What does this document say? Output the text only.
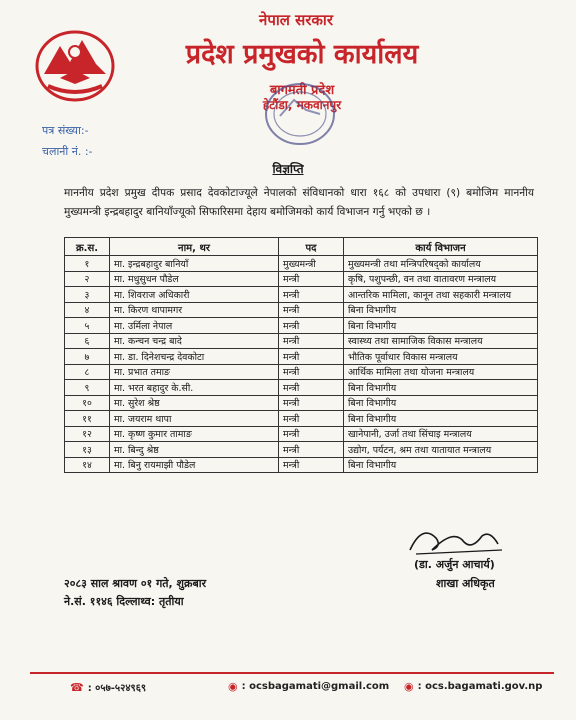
नेपाल सरकार
प्रदेश प्रमुखको कार्यालय
बागमती प्रदेश
हेटौंडा, मकवानपुर
पत्र संख्या:-
चलानी नं. :-
विज्ञप्ति
माननीय प्रदेश प्रमुख दीपक प्रसाद देवकोटाज्यूले नेपालको संविधानको धारा १६८ को उपधारा (९) बमोजिम माननीय मुख्यमन्त्री इन्द्रबहादुर बानियाँज्यूको सिफारिसमा देहाय बमोजिमको कार्य विभाजन गर्नु भएको छ ।
क्र.स.	नाम, थर	पद	कार्य विभाजन
१	मा. इन्द्रबहादुर बानियाँ	मुख्यमन्त्री	मुख्यमन्त्री तथा मन्त्रिपरिषद्को कार्यालय
२	मा. मधुसुधन पौडेल	मन्त्री	कृषि, पशुपन्छी, वन तथा वातावरण मन्त्रालय
३	मा. शिवराज अधिकारी	मन्त्री	आन्तरिक मामिला, कानून तथा सहकारी मन्त्रालय
४	मा. किरण थापामगर	मन्त्री	बिना विभागीय
५	मा. उर्मिला नेपाल	मन्त्री	बिना विभागीय
६	मा. कन्चन चन्द्र बादे	मन्त्री	स्वास्थ्य तथा सामाजिक विकास मन्त्रालय
७	मा. डा. दिनेशचन्द्र देवकोटा	मन्त्री	भौतिक पूर्वाधार विकास मन्त्रालय
८	मा. प्रभात तमाङ	मन्त्री	आर्थिक मामिला तथा योजना मन्त्रालय
९	मा. भरत बहादुर के.सी.	मन्त्री	बिना विभागीय
१०	मा. सुरेश श्रेष्ठ	मन्त्री	बिना विभागीय
११	मा. जयराम थापा	मन्त्री	बिना विभागीय
१२	मा. कृष्ण कुमार तामाङ	मन्त्री	खानेपानी, उर्जा तथा सिंचाइ मन्त्रालय
१३	मा. बिन्दु श्रेष्ठ	मन्त्री	उद्योग, पर्यटन, श्रम तथा यातायात मन्त्रालय
१४	मा. बिनु रायमाझी पौडेल	मन्त्री	बिना विभागीय
(डा. अर्जुन आचार्य)
शाखा अधिकृत
२०८३ साल श्रावण ०१ गते, शुक्रबार
ने.सं. ११४६ दिल्लाथ्व: तृतीया
☎ : ०५७-५२४९६९	◉ : ocsbagamati@gmail.com ◉ : ocs.bagamati.gov.np
